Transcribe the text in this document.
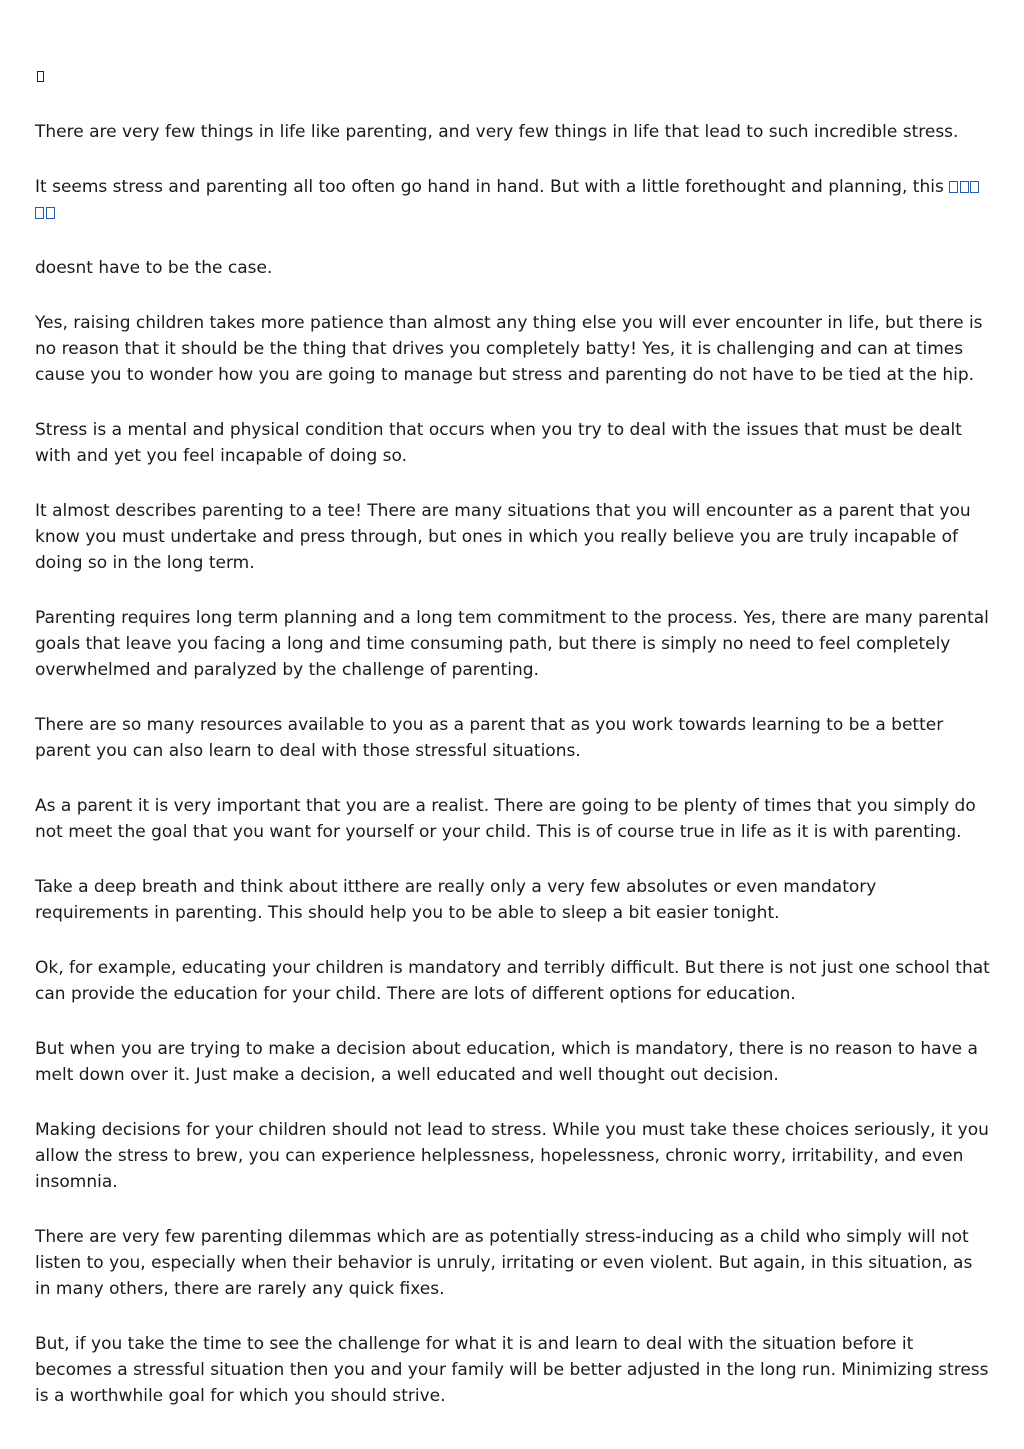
There are very few things in life like parenting, and very few things in life that lead to such incredible stress.

It seems stress and parenting all too often go hand in hand. But with a little forethought and planning, this

doesnt have to be the case.

Yes, raising children takes more patience than almost any thing else you will ever encounter in life, but there is no reason that it should be the thing that drives you completely batty! Yes, it is challenging and can at times cause you to wonder how you are going to manage but stress and parenting do not have to be tied at the hip.

Stress is a mental and physical condition that occurs when you try to deal with the issues that must be dealt with and yet you feel incapable of doing so.

It almost describes parenting to a tee! There are many situations that you will encounter as a parent that you know you must undertake and press through, but ones in which you really believe you are truly incapable of doing so in the long term.

Parenting requires long term planning and a long tem commitment to the process. Yes, there are many parental goals that leave you facing a long and time consuming path, but there is simply no need to feel completely overwhelmed and paralyzed by the challenge of parenting.

There are so many resources available to you as a parent that as you work towards learning to be a better parent you can also learn to deal with those stressful situations.

As a parent it is very important that you are a realist. There are going to be plenty of times that you simply do not meet the goal that you want for yourself or your child. This is of course true in life as it is with parenting.

Take a deep breath and think about itthere are really only a very few absolutes or even mandatory requirements in parenting. This should help you to be able to sleep a bit easier tonight.

Ok, for example, educating your children is mandatory and terribly difficult. But there is not just one school that can provide the education for your child. There are lots of different options for education.

But when you are trying to make a decision about education, which is mandatory, there is no reason to have a melt down over it. Just make a decision, a well educated and well thought out decision.

Making decisions for your children should not lead to stress. While you must take these choices seriously, it you allow the stress to brew, you can experience helplessness, hopelessness, chronic worry, irritability, and even insomnia.

There are very few parenting dilemmas which are as potentially stress-inducing as a child who simply will not listen to you, especially when their behavior is unruly, irritating or even violent. But again, in this situation, as in many others, there are rarely any quick fixes.

But, if you take the time to see the challenge for what it is and learn to deal with the situation before it becomes a stressful situation then you and your family will be better adjusted in the long run. Minimizing stress is a worthwhile goal for which you should strive.
